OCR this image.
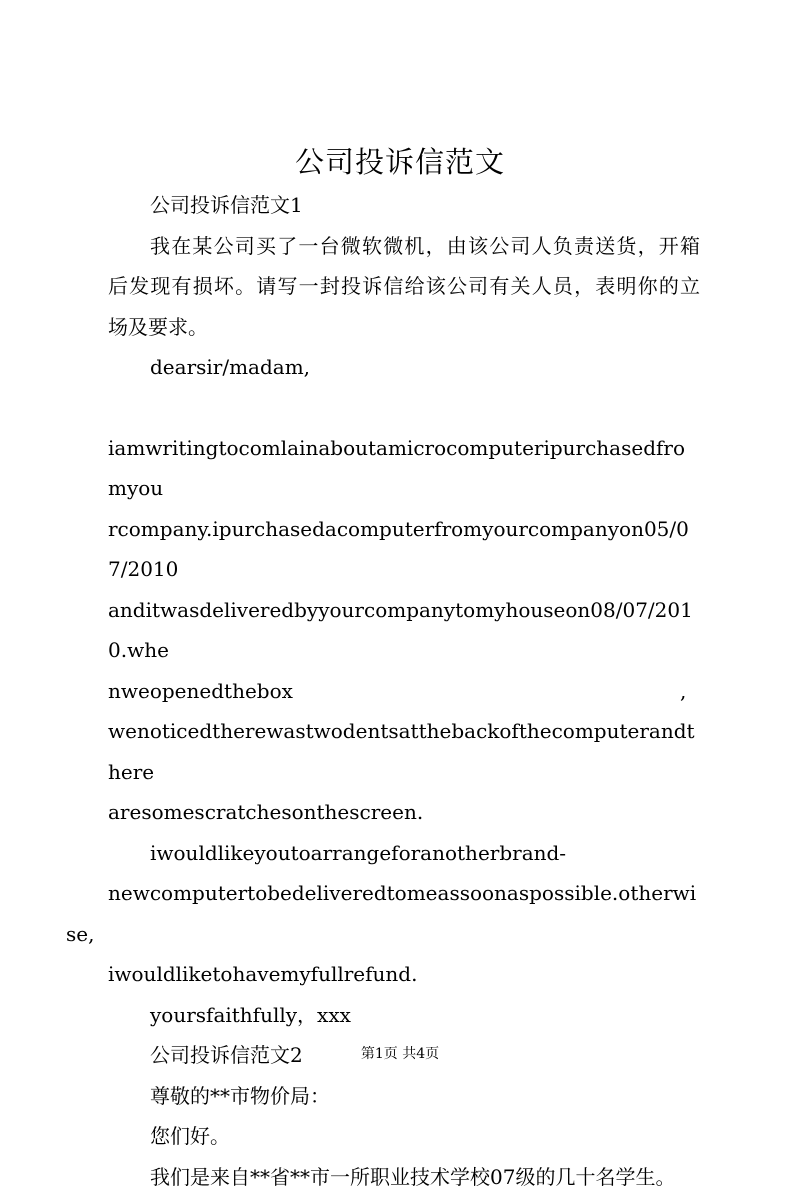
公司投诉信范文

公司投诉信范文1

我在某公司买了一台微软微机，由该公司人负责送货，开箱
后发现有损坏。请写一封投诉信给该公司有关人员，表明你的立
场及要求。

dearsir/madam,

iamwritingtocomlainaboutamicrocomputeripurchasedfromyou
rcompany.ipurchasedacomputerfromyourcompanyon05/07/2010
anditwasdeliveredbyyourcompanytomyhouseon08/07/2010.whe
nweopenedthebox	,

wenoticedtherewastwodentsatthebackofthecomputerandthere
aresomescratchesonthescreen.

iwouldlikeyoutoarrangeforanotherbrand-
newcomputertobedeliveredtomeassoonaspossible.otherwise,
iwouldliketohavemyfullrefund.

yoursfaithfully，xxx

公司投诉信范文2

尊敬的**市物价局：

您们好。

我们是来自**省**市一所职业技术学校07级的几十名学生。

第1页 共4页
